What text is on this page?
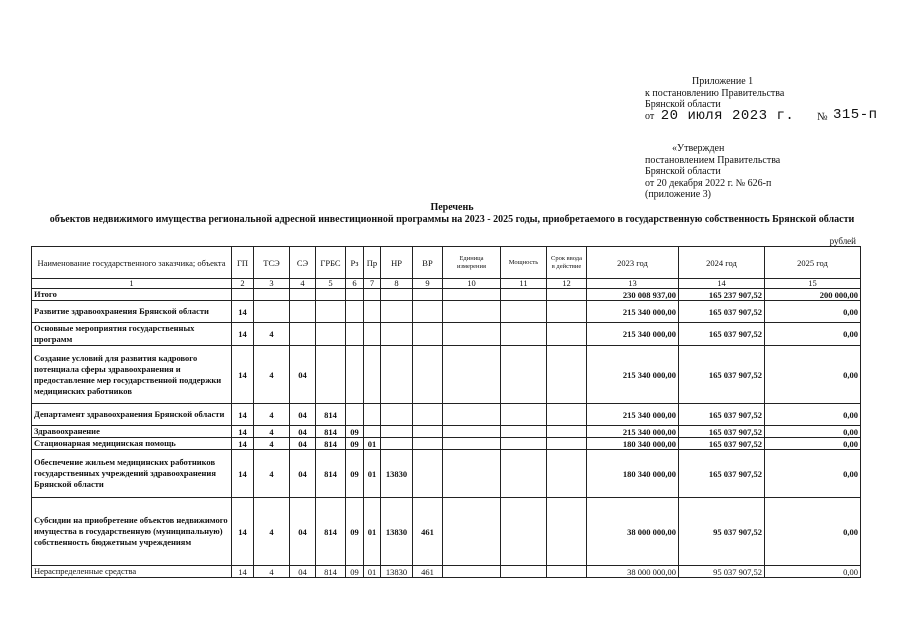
Приложение 1
к постановлению Правительства
Брянской области
от 20 июля 2023 г. № 315-п
«Утвержден
постановлением Правительства
Брянской области
от 20 декабря 2022 г. № 626-п
(приложение 3)
Перечень
объектов недвижимого имущества региональной адресной инвестиционной программы на 2023 - 2025 годы, приобретаемого в государственную собственность Брянской области
рублей
Наименование государственного заказчика; объекта	ГП	ТСЭ	СЭ	ГРБС	Рз	Пр	НР	ВР	Единица измерения	Мощность	Срок ввода в действие	2023 год	2024 год	2025 год
1	2	3	4	5	6	7	8	9	10	11	12	13	14	15
Итого												230 008 937,00	165 237 907,52	200 000,00
Развитие здравоохранения Брянской области	14											215 340 000,00	165 037 907,52	0,00
Основные мероприятия государственных программ	14	4										215 340 000,00	165 037 907,52	0,00
Создание условий для развития кадрового потенциала сферы здравоохранения и предоставление мер государственной поддержки медицинских работников	14	4	04									215 340 000,00	165 037 907,52	0,00
Департамент здравоохранения Брянской области	14	4	04	814								215 340 000,00	165 037 907,52	0,00
Здравоохранение	14	4	04	814	09							215 340 000,00	165 037 907,52	0,00
Стационарная медицинская помощь	14	4	04	814	09	01						180 340 000,00	165 037 907,52	0,00
Обеспечение жильем медицинских работников государственных учреждений здравоохранения Брянской области	14	4	04	814	09	01	13830					180 340 000,00	165 037 907,52	0,00
Субсидии на приобретение объектов недвижимого имущества в государственную (муниципальную) собственность бюджетным учреждениям	14	4	04	814	09	01	13830	461				38 000 000,00	95 037 907,52	0,00
Нераспределенные средства	14	4	04	814	09	01	13830	461				38 000 000,00	95 037 907,52	0,00
